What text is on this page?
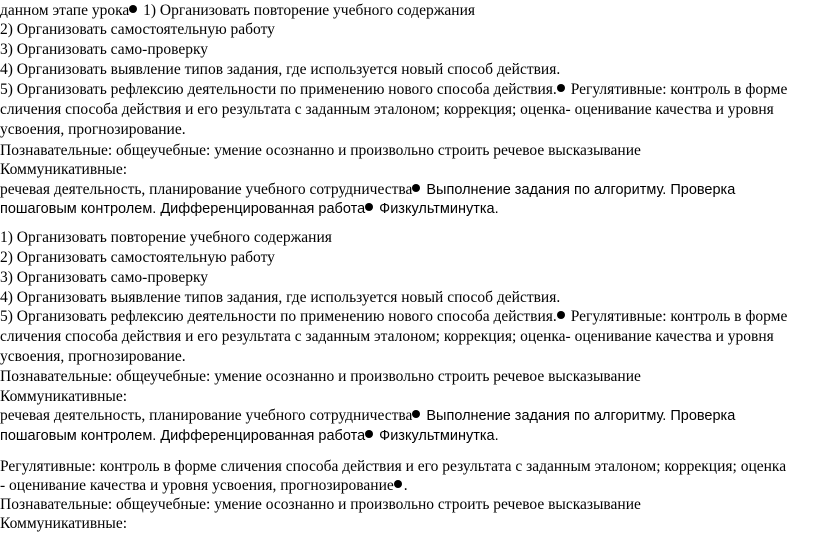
данном этапе урока 1) Организовать повторение учебного содержания
2) Организовать самостоятельную работу
3) Организовать само-проверку
4) Организовать выявление типов задания, где используется новый способ действия.
5) Организовать рефлексию деятельности по применению нового способа действия. Регулятивные: контроль в форме
сличения способа действия и его результата с заданным эталоном; коррекция; оценка- оценивание качества и уровня
усвоения, прогнозирование.
Познавательные: общеучебные: умение осознанно и произвольно строить речевое высказывание
Коммуникативные:
речевая деятельность, планирование учебного сотрудничества Выполнение задания по алгоритму. Проверка
пошаговым контролем. Дифференцированная работа Физкультминутка.
1) Организовать повторение учебного содержания
2) Организовать самостоятельную работу
3) Организовать само-проверку
4) Организовать выявление типов задания, где используется новый способ действия.
5) Организовать рефлексию деятельности по применению нового способа действия. Регулятивные: контроль в форме
сличения способа действия и его результата с заданным эталоном; коррекция; оценка- оценивание качества и уровня
усвоения, прогнозирование.
Познавательные: общеучебные: умение осознанно и произвольно строить речевое высказывание
Коммуникативные:
речевая деятельность, планирование учебного сотрудничества Выполнение задания по алгоритму. Проверка
пошаговым контролем. Дифференцированная работа Физкультминутка.
Регулятивные: контроль в форме сличения способа действия и его результата с заданным эталоном; коррекция; оценка
- оценивание качества и уровня усвоения, прогнозирование .
Познавательные: общеучебные: умение осознанно и произвольно строить речевое высказывание
Коммуникативные:
